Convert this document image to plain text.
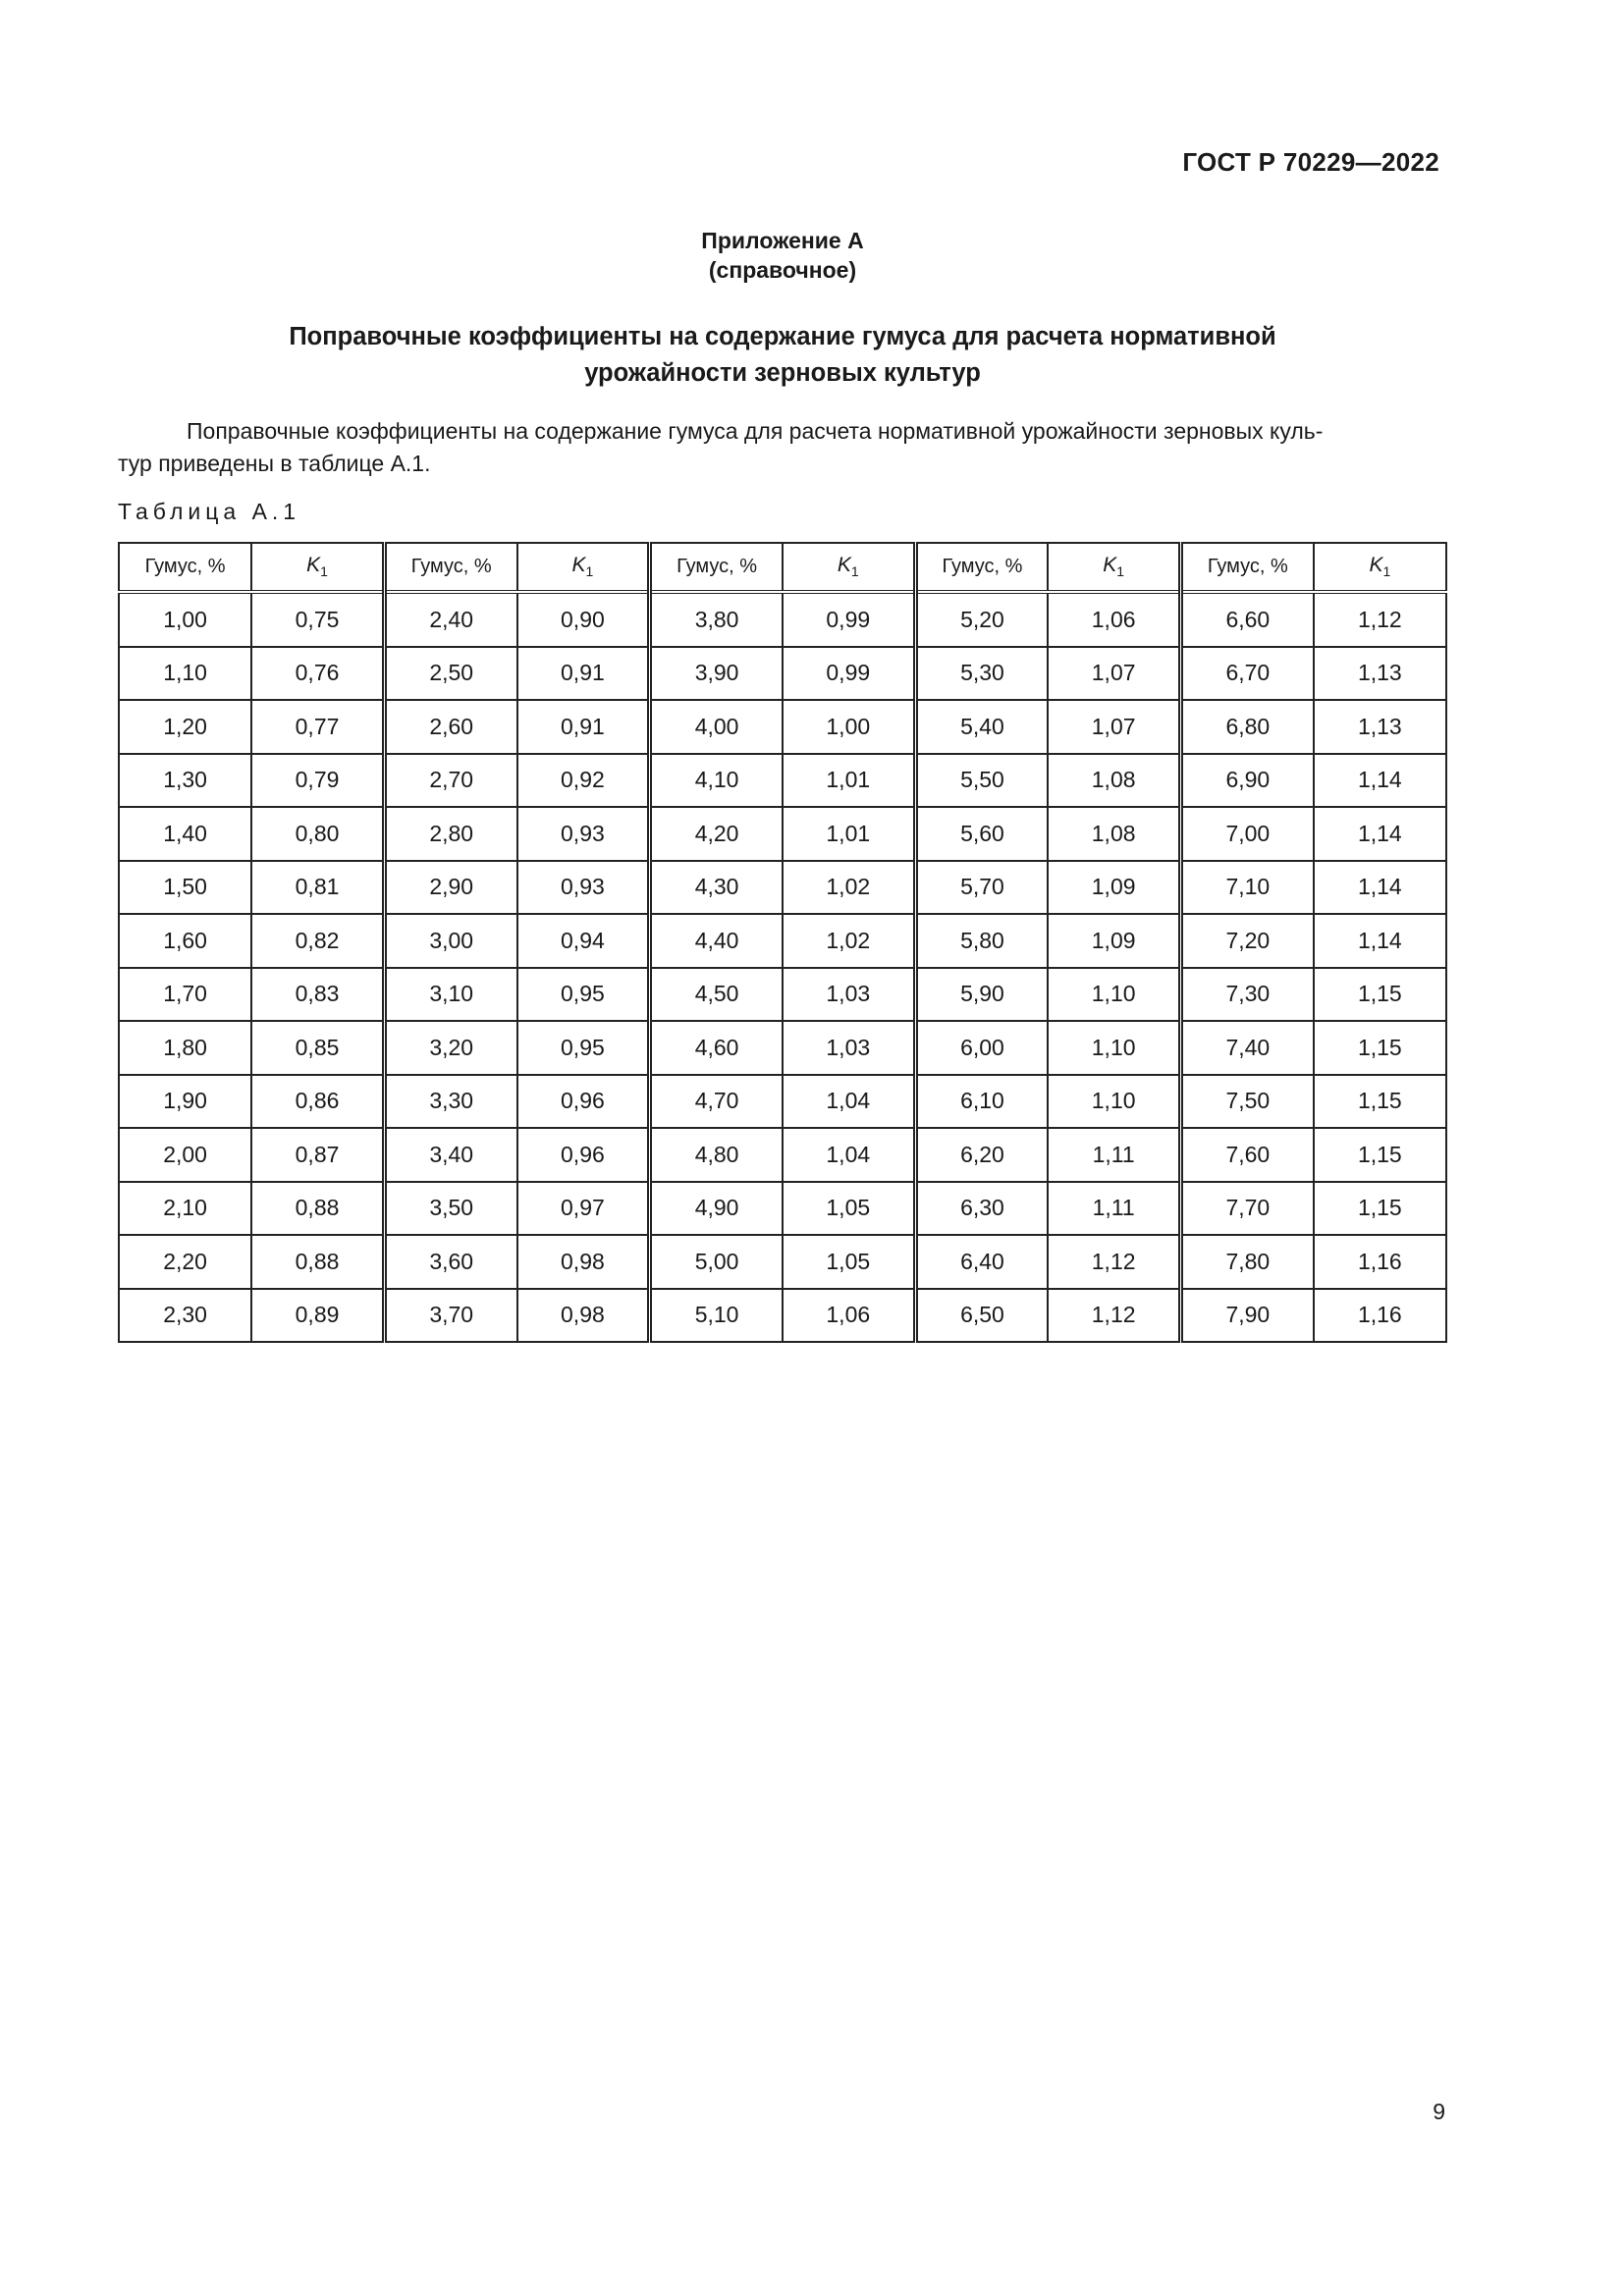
ГОСТ Р 70229—2022
Приложение А
(справочное)
Поправочные коэффициенты на содержание гумуса для расчета нормативной
урожайности зерновых культур
Поправочные коэффициенты на содержание гумуса для расчета нормативной урожайности зерновых куль-
тур приведены в таблице А.1.
Таблица А.1
Гумус, %	$K_1$	Гумус, %	$K_1$	Гумус, %	$K_1$	Гумус, %	$K_1$	Гумус, %	$K_1$
1,00	0,75	2,40	0,90	3,80	0,99	5,20	1,06	6,60	1,12
1,10	0,76	2,50	0,91	3,90	0,99	5,30	1,07	6,70	1,13
1,20	0,77	2,60	0,91	4,00	1,00	5,40	1,07	6,80	1,13
1,30	0,79	2,70	0,92	4,10	1,01	5,50	1,08	6,90	1,14
1,40	0,80	2,80	0,93	4,20	1,01	5,60	1,08	7,00	1,14
1,50	0,81	2,90	0,93	4,30	1,02	5,70	1,09	7,10	1,14
1,60	0,82	3,00	0,94	4,40	1,02	5,80	1,09	7,20	1,14
1,70	0,83	3,10	0,95	4,50	1,03	5,90	1,10	7,30	1,15
1,80	0,85	3,20	0,95	4,60	1,03	6,00	1,10	7,40	1,15
1,90	0,86	3,30	0,96	4,70	1,04	6,10	1,10	7,50	1,15
2,00	0,87	3,40	0,96	4,80	1,04	6,20	1,11	7,60	1,15
2,10	0,88	3,50	0,97	4,90	1,05	6,30	1,11	7,70	1,15
2,20	0,88	3,60	0,98	5,00	1,05	6,40	1,12	7,80	1,16
2,30	0,89	3,70	0,98	5,10	1,06	6,50	1,12	7,90	1,16
9
